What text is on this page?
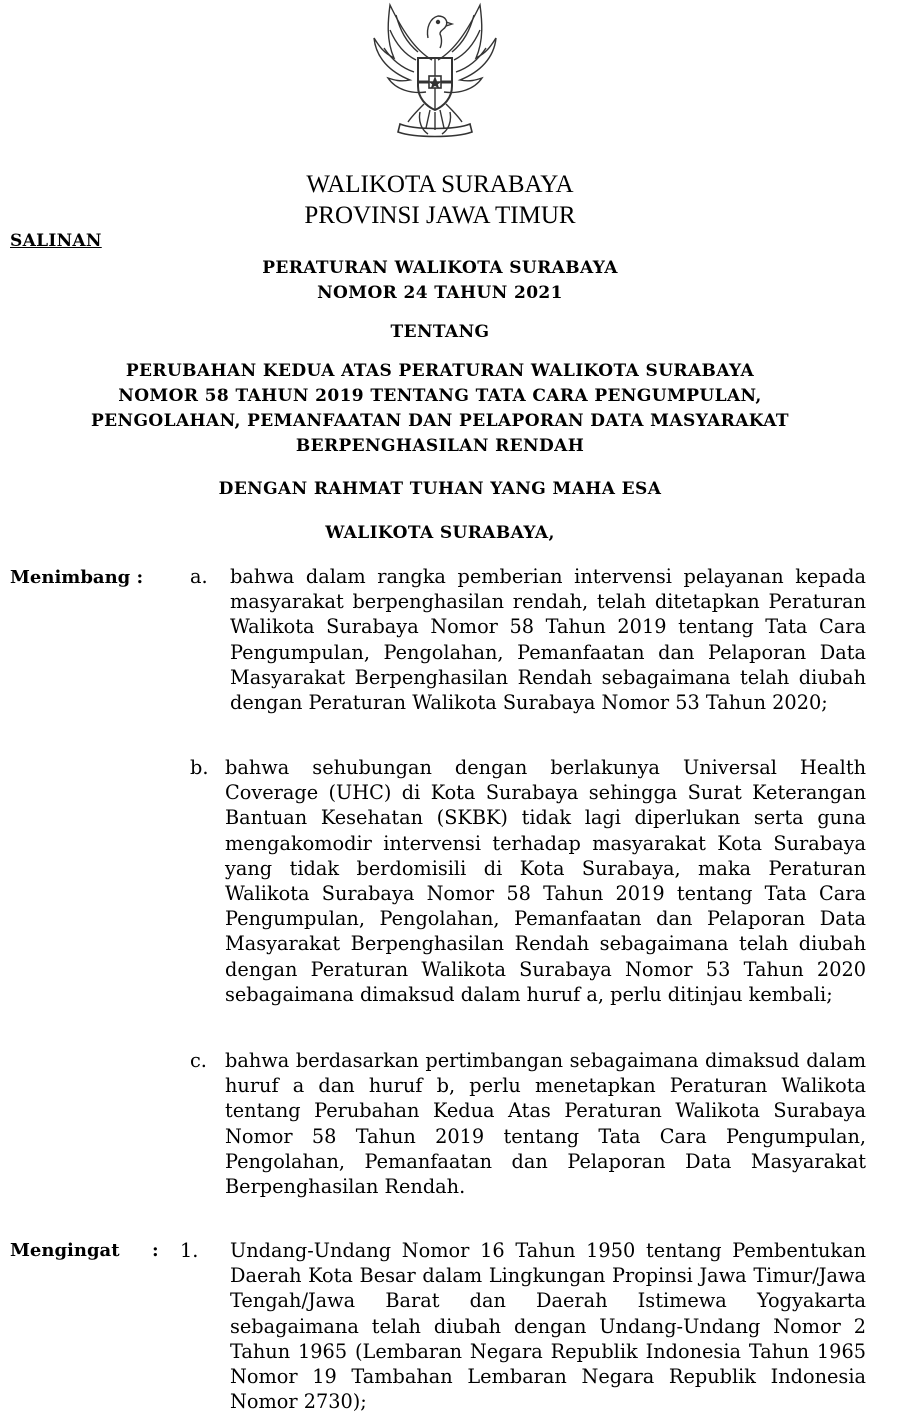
WALIKOTA SURABAYA
PROVINSI JAWA TIMUR
SALINAN
PERATURAN WALIKOTA SURABAYA
NOMOR 24 TAHUN 2021
TENTANG
PERUBAHAN KEDUA ATAS PERATURAN WALIKOTA SURABAYA
NOMOR 58 TAHUN 2019 TENTANG TATA CARA PENGUMPULAN,
PENGOLAHAN, PEMANFAATAN DAN PELAPORAN DATA MASYARAKAT
BERPENGHASILAN RENDAH
DENGAN RAHMAT TUHAN YANG MAHA ESA
WALIKOTA SURABAYA,
Menimbang : a. bahwa dalam rangka pemberian intervensi pelayanan kepada masyarakat berpenghasilan rendah, telah ditetapkan Peraturan Walikota Surabaya Nomor 58 Tahun 2019 tentang Tata Cara Pengumpulan, Pengolahan, Pemanfaatan dan Pelaporan Data Masyarakat Berpenghasilan Rendah sebagaimana telah diubah dengan Peraturan Walikota Surabaya Nomor 53 Tahun 2020;
b. bahwa sehubungan dengan berlakunya Universal Health Coverage (UHC) di Kota Surabaya sehingga Surat Keterangan Bantuan Kesehatan (SKBK) tidak lagi diperlukan serta guna mengakomodir intervensi terhadap masyarakat Kota Surabaya yang tidak berdomisili di Kota Surabaya, maka Peraturan Walikota Surabaya Nomor 58 Tahun 2019 tentang Tata Cara Pengumpulan, Pengolahan, Pemanfaatan dan Pelaporan Data Masyarakat Berpenghasilan Rendah sebagaimana telah diubah dengan Peraturan Walikota Surabaya Nomor 53 Tahun 2020 sebagaimana dimaksud dalam huruf a, perlu ditinjau kembali;
c. bahwa berdasarkan pertimbangan sebagaimana dimaksud dalam huruf a dan huruf b, perlu menetapkan Peraturan Walikota tentang Perubahan Kedua Atas Peraturan Walikota Surabaya Nomor 58 Tahun 2019 tentang Tata Cara Pengumpulan, Pengolahan, Pemanfaatan dan Pelaporan Data Masyarakat Berpenghasilan Rendah.
Mengingat : 1. Undang-Undang Nomor 16 Tahun 1950 tentang Pembentukan Daerah Kota Besar dalam Lingkungan Propinsi Jawa Timur/Jawa Tengah/Jawa Barat dan Daerah Istimewa Yogyakarta sebagaimana telah diubah dengan Undang-Undang Nomor 2 Tahun 1965 (Lembaran Negara Republik Indonesia Tahun 1965 Nomor 19 Tambahan Lembaran Negara Republik Indonesia Nomor 2730);
